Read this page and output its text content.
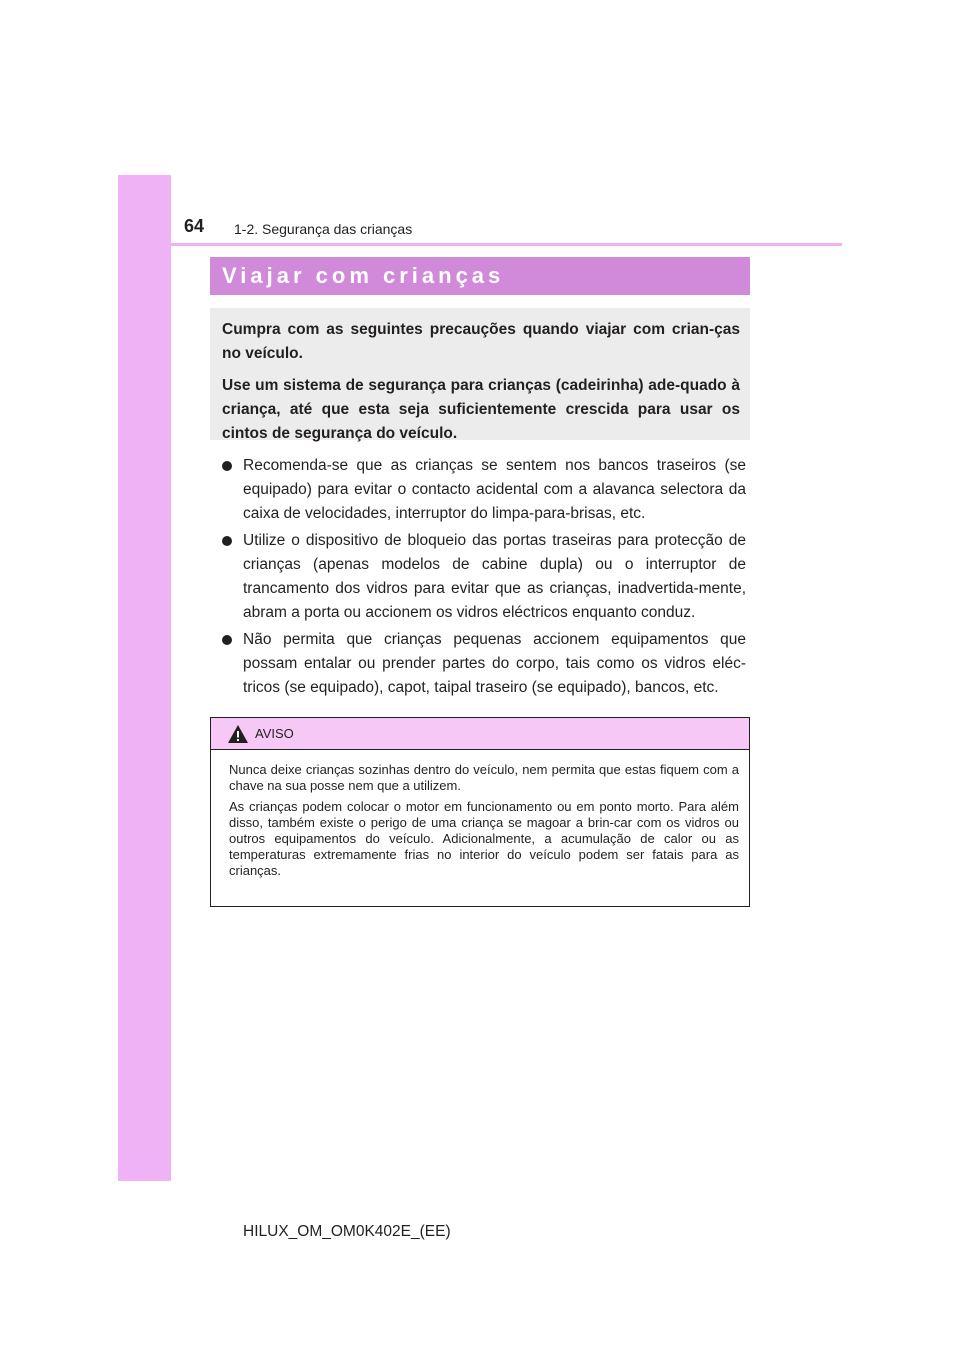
64 1-2. Segurança das crianças
Viajar com crianças

Cumpra com as seguintes precauções quando viajar com crian-ças no veículo.

Use um sistema de segurança para crianças (cadeirinha) ade-quado à criança, até que esta seja suficientemente crescida para usar os cintos de segurança do veículo.

Recomenda-se que as crianças se sentem nos bancos traseiros (se equipado) para evitar o contacto acidental com a alavanca selectora da caixa de velocidades, interruptor do limpa-para-brisas, etc.
Utilize o dispositivo de bloqueio das portas traseiras para protecção de crianças (apenas modelos de cabine dupla) ou o interruptor de trancamento dos vidros para evitar que as crianças, inadvertida-mente, abram a porta ou accionem os vidros eléctricos enquanto conduz.
Não permita que crianças pequenas accionem equipamentos que possam entalar ou prender partes do corpo, tais como os vidros eléc-tricos (se equipado), capot, taipal traseiro (se equipado), bancos, etc.
AVISO

Nunca deixe crianças sozinhas dentro do veículo, nem permita que estas fiquem com a chave na sua posse nem que a utilizem.

As crianças podem colocar o motor em funcionamento ou em ponto morto. Para além disso, também existe o perigo de uma criança se magoar a brin-car com os vidros ou outros equipamentos do veículo. Adicionalmente, a acumulação de calor ou as temperaturas extremamente frias no interior do veículo podem ser fatais para as crianças.

HILUX_OM_OM0K402E_(EE)
